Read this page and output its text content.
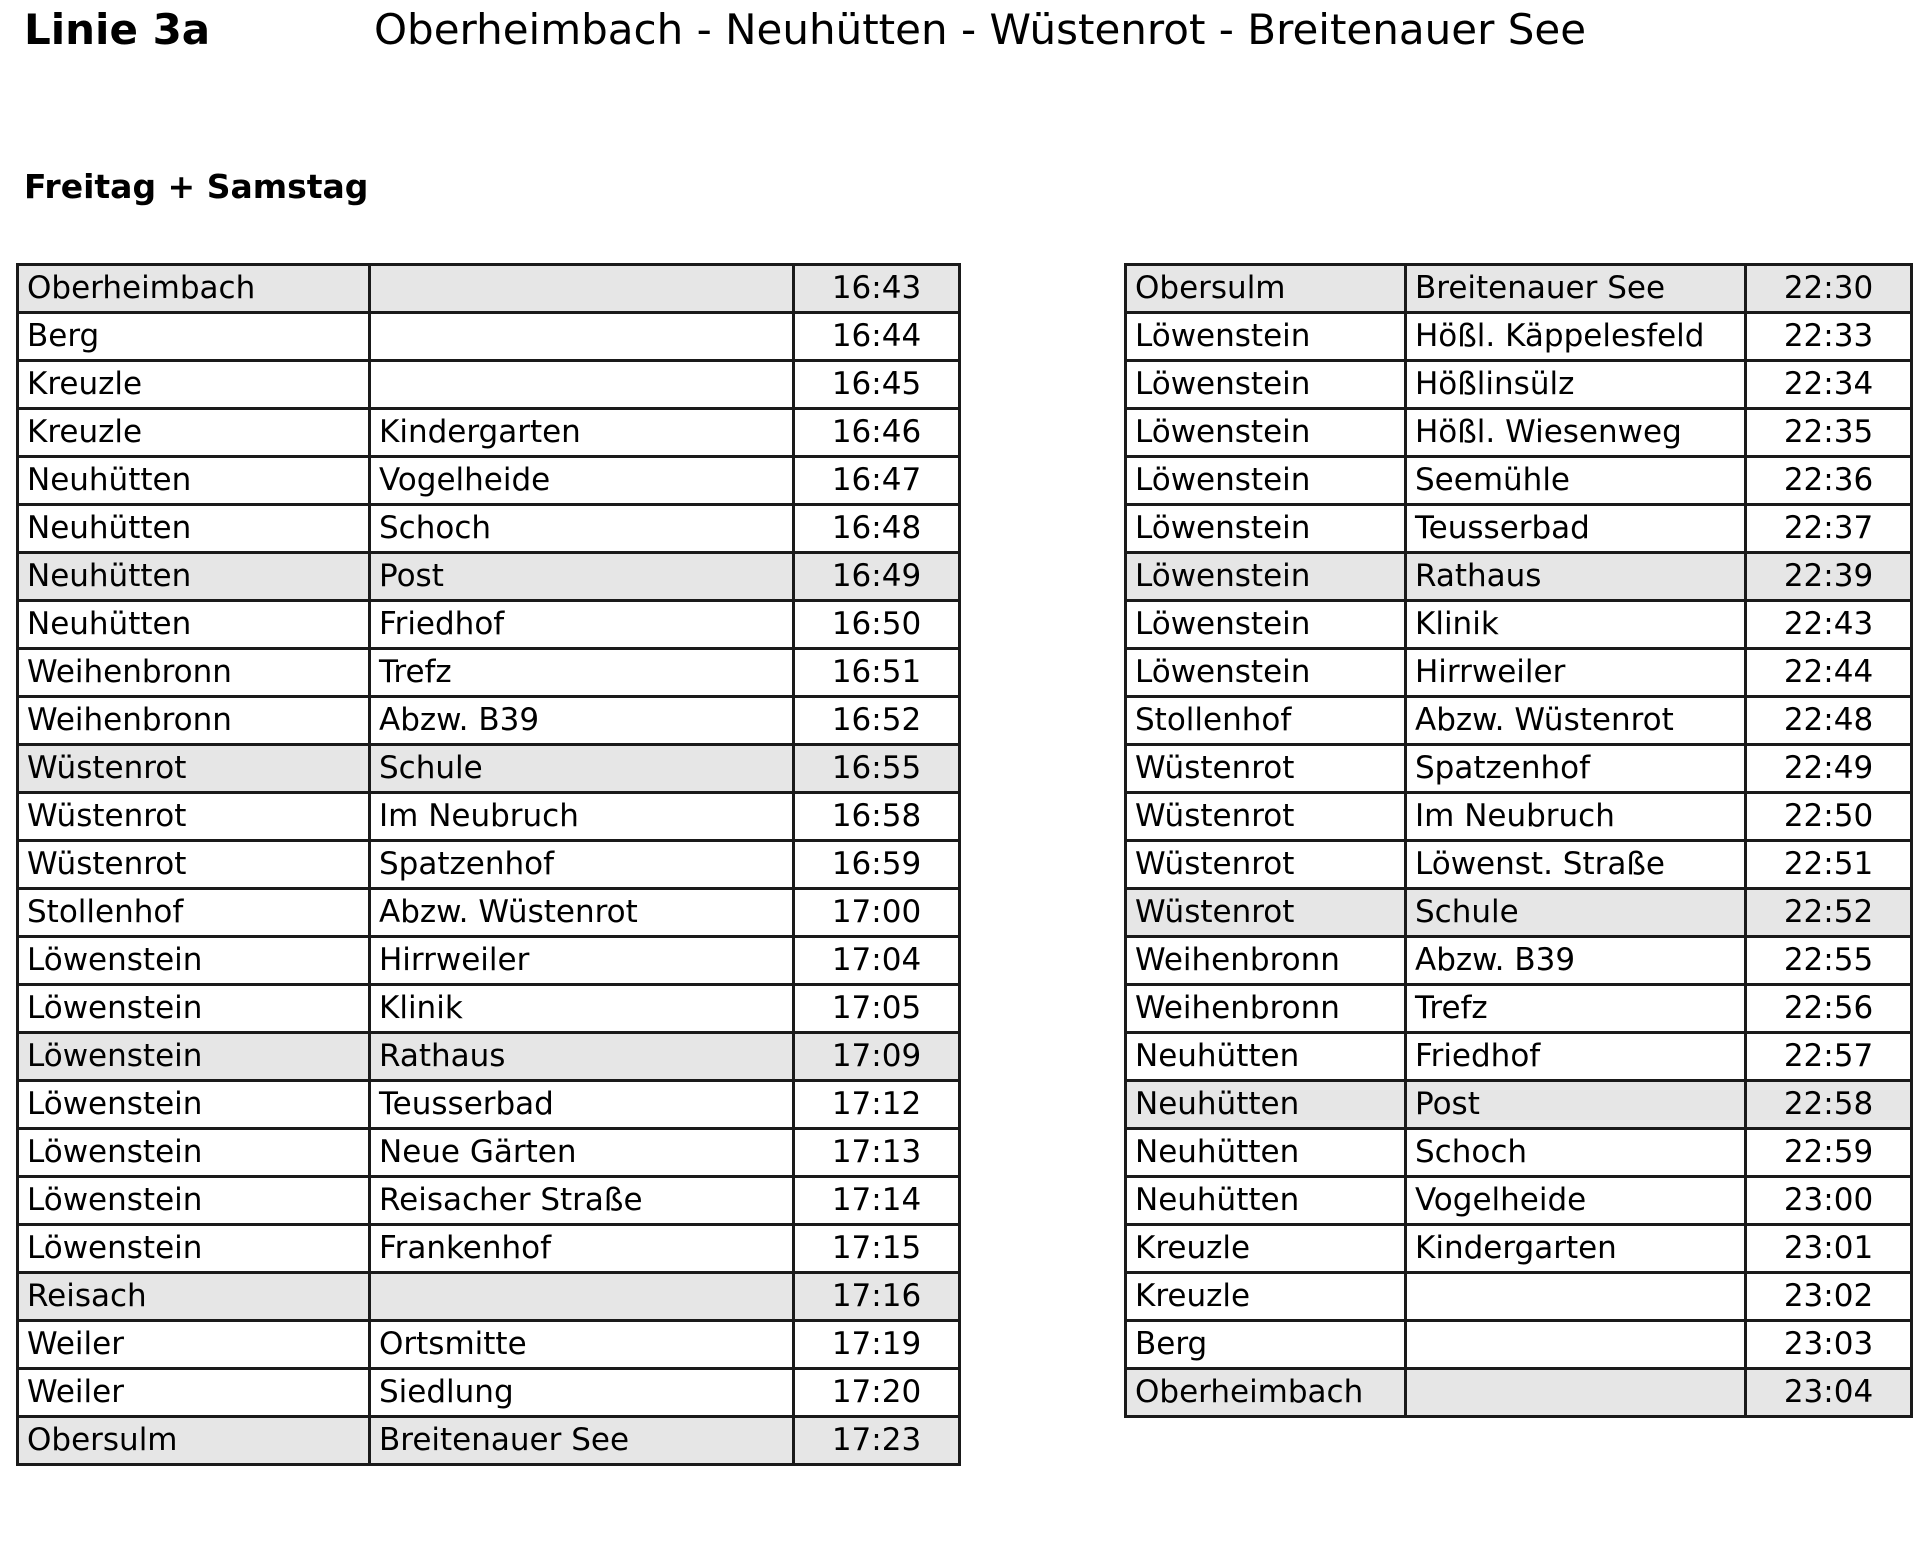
Linie 3a	Oberheimbach - Neuhütten - Wüstenrot - Breitenauer See
Freitag + Samstag
Oberheimbach		16:43
Berg		16:44
Kreuzle		16:45
Kreuzle	Kindergarten	16:46
Neuhütten	Vogelheide	16:47
Neuhütten	Schoch	16:48
Neuhütten	Post	16:49
Neuhütten	Friedhof	16:50
Weihenbronn	Trefz	16:51
Weihenbronn	Abzw. B39	16:52
Wüstenrot	Schule	16:55
Wüstenrot	Im Neubruch	16:58
Wüstenrot	Spatzenhof	16:59
Stollenhof	Abzw. Wüstenrot	17:00
Löwenstein	Hirrweiler	17:04
Löwenstein	Klinik	17:05
Löwenstein	Rathaus	17:09
Löwenstein	Teusserbad	17:12
Löwenstein	Neue Gärten	17:13
Löwenstein	Reisacher Straße	17:14
Löwenstein	Frankenhof	17:15
Reisach		17:16
Weiler	Ortsmitte	17:19
Weiler	Siedlung	17:20
Obersulm	Breitenauer See	17:23
Obersulm	Breitenauer See	22:30
Löwenstein	Hößl. Käppelesfeld	22:33
Löwenstein	Hößlinsülz	22:34
Löwenstein	Hößl. Wiesenweg	22:35
Löwenstein	Seemühle	22:36
Löwenstein	Teusserbad	22:37
Löwenstein	Rathaus	22:39
Löwenstein	Klinik	22:43
Löwenstein	Hirrweiler	22:44
Stollenhof	Abzw. Wüstenrot	22:48
Wüstenrot	Spatzenhof	22:49
Wüstenrot	Im Neubruch	22:50
Wüstenrot	Löwenst. Straße	22:51
Wüstenrot	Schule	22:52
Weihenbronn	Abzw. B39	22:55
Weihenbronn	Trefz	22:56
Neuhütten	Friedhof	22:57
Neuhütten	Post	22:58
Neuhütten	Schoch	22:59
Neuhütten	Vogelheide	23:00
Kreuzle	Kindergarten	23:01
Kreuzle		23:02
Berg		23:03
Oberheimbach		23:04
